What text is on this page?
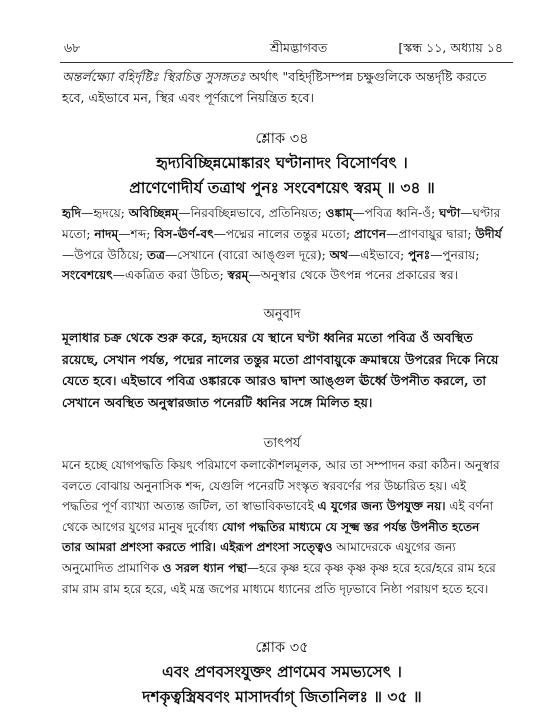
৬৮	শ্রীমদ্ভাগবত	[স্কন্ধ ১১, অধ্যায় ১৪
অন্তর্লক্ষ্যো বহির্দৃষ্টিঃ স্থিরচিত্ত সুসঙ্গতঃ অর্থাৎ "বহির্দৃষ্টিসম্পন্ন চক্ষুগুলিকে অন্তর্দৃষ্টি করতে হবে, এইভাবে মন, স্থির এবং পূর্ণরূপে নিয়ন্ত্রিত হবে।
শ্লোক ৩৪
হৃদ্যবিচ্ছিন্নমোঙ্কারং ঘণ্টানাদং বিসোর্ণবৎ ।
প্রাণেণোদীর্য তত্রাথ পুনঃ সংবেশয়েৎ স্বরম্ ॥ ৩৪ ॥
হৃদি—হৃদয়ে; অবিচ্ছিন্নম্—নিরবচ্ছিন্নভাবে, প্রতিনিয়ত; ওঙ্কাম্—পবিত্র ধ্বনি-ওঁ; ঘণ্টা—ঘণ্টার মতো; নাদম্—শব্দ; বিস-ঊর্ণ-বৎ—পদ্মের নালের তন্তুর মতো; প্রাণেন—প্রাণবায়ুর দ্বারা; উদীর্য—উপরে উঠিয়ে; তত্র—সেখানে (বারো আঙ্গুল দূরে); অথ—এইভাবে; পুনঃ—পুনরায়; সংবেশয়েৎ—একত্রিত করা উচিত; স্বরম্—অনুস্বার থেকে উৎপন্ন পনের প্রকারের স্বর।
অনুবাদ
মূলাধার চক্র থেকে শুরু করে, হৃদয়ের যে স্থানে ঘণ্টা ধ্বনির মতো পবিত্র ওঁ অবস্থিত রয়েছে, সেখান পর্যন্ত, পদ্মের নালের তন্তুর মতো প্রাণবায়ুকে ক্রমান্বয়ে উপরের দিকে নিয়ে যেতে হবে। এইভাবে পবিত্র ওঙ্কারকে আরও দ্বাদশ আঙ্গুল ঊর্ধ্বে উপনীত করলে, তা সেখানে অবস্থিত অনুস্বারজাত পনেরটি ধ্বনির সঙ্গে মিলিত হয়।
তাৎপর্য
মনে হচ্ছে যোগপদ্ধতি কিয়ৎ পরিমাণে কলাকৌশলমূলক, আর তা সম্পাদন করা কঠিন। অনুস্বার বলতে বোঝায় অনুনাসিক শব্দ, যেগুলি পনেরটি সংস্কৃত স্বরবর্ণের পর উচ্চারিত হয়। এই পদ্ধতির পূর্ণ ব্যাখ্যা অত্যন্ত জটিল, তা স্বাভাবিকভাবেই এ যুগের জন্য উপযুক্ত নয়। এই বর্ণনা থেকে আগের যুগের মানুষ দুর্বোধ্য যোগ পদ্ধতির মাধ্যমে যে সূক্ষ্ম স্তর পর্যন্ত উপনীত হতেন তার আমরা প্রশংসা করতে পারি। এইরূপ প্রশংসা সত্ত্বেও আমাদেরকে এযুগের জন্য অনুমোদিত প্রামাণিক ও সরল ধ্যান পন্থা—হরে কৃষ্ণ হরে কৃষ্ণ কৃষ্ণ কৃষ্ণ হরে হরে/হরে রাম হরে রাম রাম রাম হরে হরে, এই মন্ত্র জপের মাধ্যমে ধ্যানের প্রতি দৃঢ়ভাবে নিষ্ঠা পরায়ণ হতে হবে।
শ্লোক ৩৫
এবং প্রণবসংযুক্তং প্রাণমেব সমভ্যসেৎ ।
দশকৃত্বস্ত্রিষবণং মাসাদর্বাগ্ জিতানিলঃ ॥ ৩৫ ॥
